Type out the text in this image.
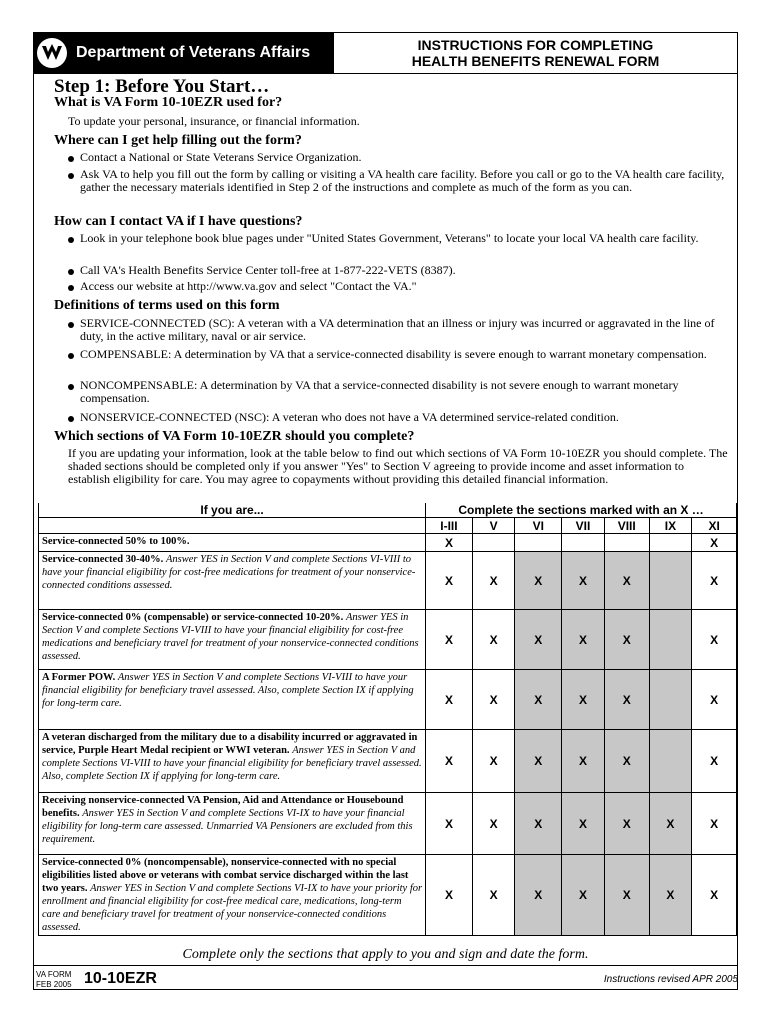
Department of Veterans Affairs	INSTRUCTIONS FOR COMPLETING
HEALTH BENEFITS RENEWAL FORM
Step 1: Before You Start…
What is VA Form 10-10EZR used for?
To update your personal, insurance, or financial information.
Where can I get help filling out the form?
Contact a National or State Veterans Service Organization.
Ask VA to help you fill out the form by calling or visiting a VA health care facility. Before you call or go to the VA health care facility, gather the necessary materials identified in Step 2 of the instructions and complete as much of the form as you can.
How can I contact VA if I have questions?
Look in your telephone book blue pages under "United States Government, Veterans" to locate your local VA health care facility.
Call VA's Health Benefits Service Center toll-free at 1-877-222-VETS (8387).
Access our website at http://www.va.gov and select "Contact the VA."
Definitions of terms used on this form
SERVICE-CONNECTED (SC): A veteran with a VA determination that an illness or injury was incurred or aggravated in the line of duty, in the active military, naval or air service.
COMPENSABLE: A determination by VA that a service-connected disability is severe enough to warrant monetary compensation.
NONCOMPENSABLE: A determination by VA that a service-connected disability is not severe enough to warrant monetary compensation.
NONSERVICE-CONNECTED (NSC): A veteran who does not have a VA determined service-related condition.
Which sections of VA Form 10-10EZR should you complete?
If you are updating your information, look at the table below to find out which sections of VA Form 10-10EZR you should complete. The shaded sections should be completed only if you answer "Yes" to Section V agreeing to provide income and asset information to establish eligibility for care. You may agree to copayments without providing this detailed financial information.
If you are...	Complete the sections marked with an X …						
	I-III	V	VI	VII	VIII	IX	XI
Service-connected 50% to 100%.	X						X
Service-connected 30-40%. Answer YES in Section V and complete Sections VI-VIII to have your financial eligibility for cost-free medications for treatment of your nonservice-connected conditions assessed.	X	X	X	X	X		X
Service-connected 0% (compensable) or service-connected 10-20%. Answer YES in Section V and complete Sections VI-VIII to have your financial eligibility for cost-free medications and beneficiary travel for treatment of your nonservice-connected conditions assessed.	X	X	X	X	X		X
A Former POW. Answer YES in Section V and complete Sections VI-VIII to have your financial eligibility for beneficiary travel assessed. Also, complete Section IX if applying for long-term care.	X	X	X	X	X		X
A veteran discharged from the military due to a disability incurred or aggravated in service, Purple Heart Medal recipient or WWI veteran. Answer YES in Section V and complete Sections VI-VIII to have your financial eligibility for beneficiary travel assessed. Also, complete Section IX if applying for long-term care.	X	X	X	X	X		X
Receiving nonservice-connected VA Pension, Aid and Attendance or Housebound benefits. Answer YES in Section V and complete Sections VI-IX to have your financial eligibility for long-term care assessed. Unmarried VA Pensioners are excluded from this requirement.	X	X	X	X	X	X	X
Service-connected 0% (noncompensable), nonservice-connected with no special eligibilities listed above or veterans with combat service discharged within the last two years. Answer YES in Section V and complete Sections VI-IX to have your priority for enrollment and financial eligibility for cost-free medical care, medications, long-term care and beneficiary travel for treatment of your nonservice-connected conditions assessed.	X	X	X	X	X	X	X
Complete only the sections that apply to you and sign and date the form.
VA FORM
FEB 2005 10-10EZR	Instructions revised APR 2005
